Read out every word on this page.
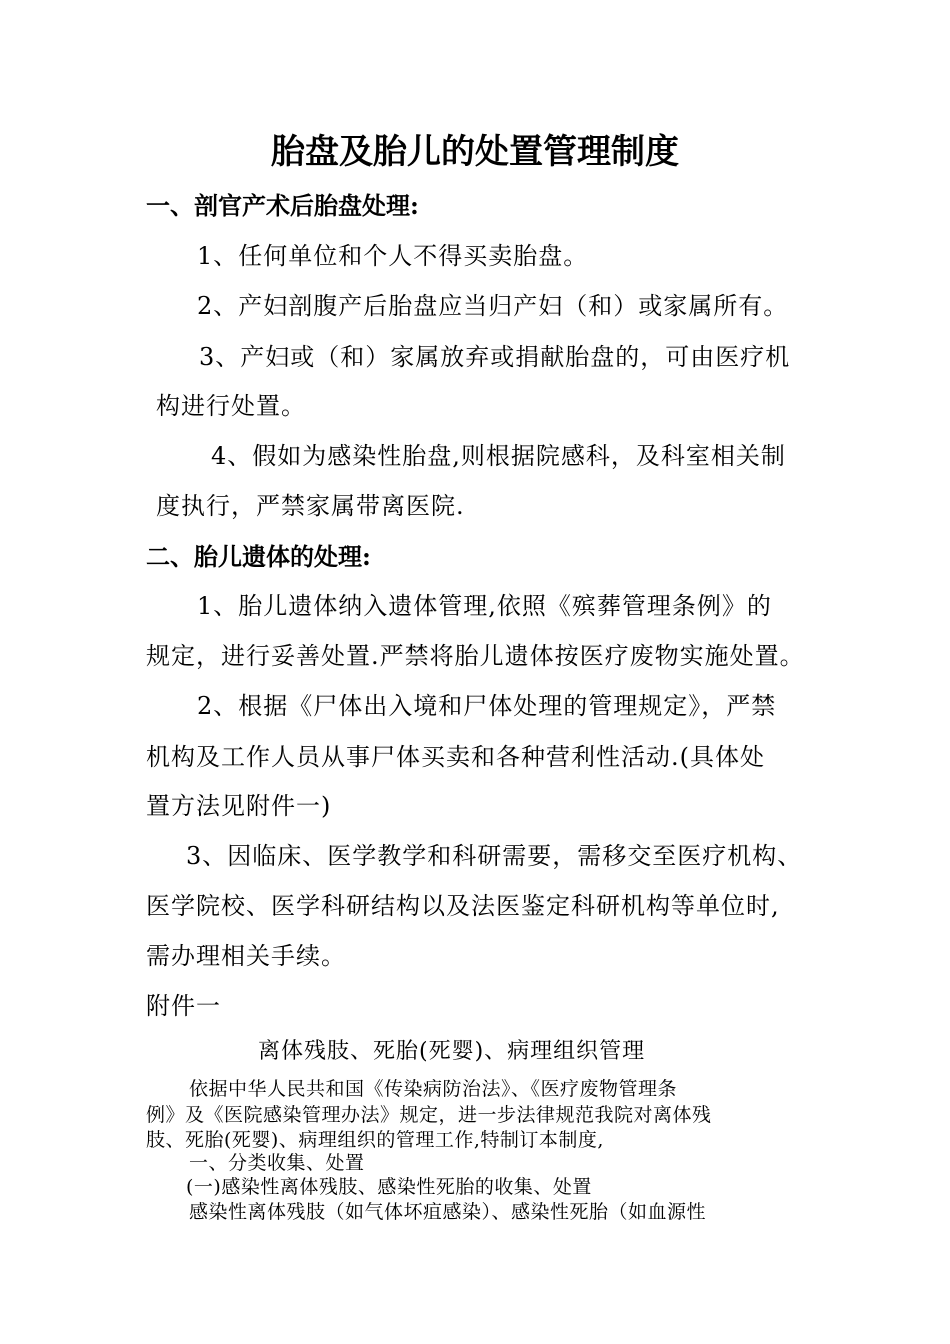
胎盘及胎儿的处置管理制度

一、剖官产术后胎盘处理:

1、任何单位和个人不得买卖胎盘。

2、产妇剖腹产后胎盘应当归产妇（和）或家属所有。

3、产妇或（和）家属放弃或捐献胎盘的，可由医疗机

构进行处置。

4、假如为感染性胎盘,则根据院感科，及科室相关制

度执行，严禁家属带离医院.

二、胎儿遗体的处理:

1、胎儿遗体纳入遗体管理,依照《殡葬管理条例》的

规定，进行妥善处置.严禁将胎儿遗体按医疗废物实施处置。

2、根据《尸体出入境和尸体处理的管理规定》，严禁

机构及工作人员从事尸体买卖和各种营利性活动.(具体处

置方法见附件一)

3、因临床、医学教学和科研需要，需移交至医疗机构、

医学院校、医学科研结构以及法医鉴定科研机构等单位时,

需办理相关手续。

附件一

离体残肢、死胎(死婴)、病理组织管理

依据中华人民共和国《传染病防治法》、《医疗废物管理条

例》及《医院感染管理办法》规定，进一步法律规范我院对离体残

肢、死胎(死婴)、病理组织的管理工作,特制订本制度,

一、分类收集、处置

(一)感染性离体残肢、感染性死胎的收集、处置

感染性离体残肢（如气体坏疽感染）、感染性死胎（如血源性
